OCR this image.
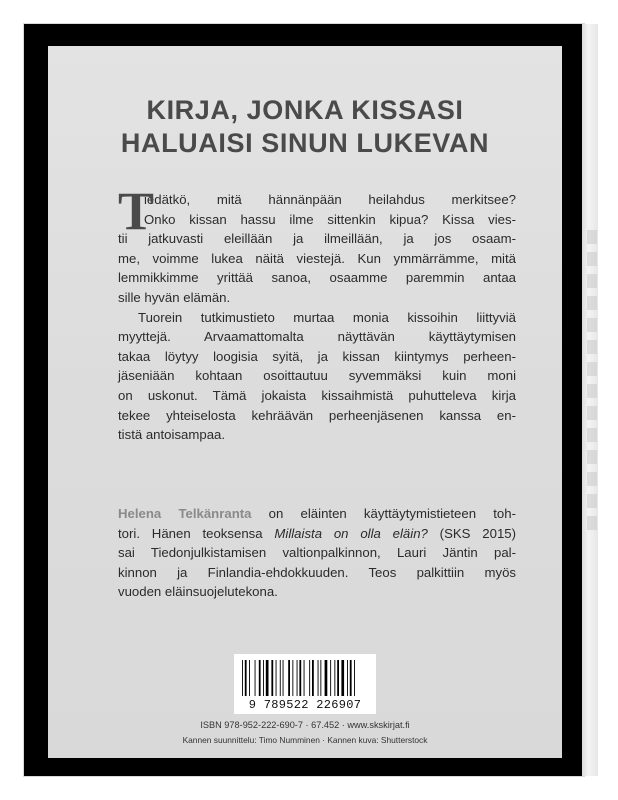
KIRJA, JONKA KISSASI
HALUAISI SINUN LUKEVAN
T
iedätkö, mitä hännänpään heilahdus merkitsee?
Onko kissan hassu ilme sittenkin kipua? Kissa vies-
tii jatkuvasti eleillään ja ilmeillään, ja jos osaam-
me, voimme lukea näitä viestejä. Kun ymmärrämme, mitä
lemmikkimme yrittää sanoa, osaamme paremmin antaa
sille hyvän elämän.
Tuorein tutkimustieto murtaa monia kissoihin liittyviä
myyttejä. Arvaamattomalta näyttävän käyttäytymisen
takaa löytyy loogisia syitä, ja kissan kiintymys perheen-
jäseniään kohtaan osoittautuu syvemmäksi kuin moni
on uskonut. Tämä jokaista kissaihmistä puhutteleva kirja
tekee yhteiselosta kehräävän perheenjäsenen kanssa en-
tistä antoisampaa.
Helena Telkänranta on eläinten käyttäytymistieteen toh-
tori. Hänen teoksensa Millaista on olla eläin? (SKS 2015)
sai Tiedonjulkistamisen valtionpalkinnon, Lauri Jäntin pal-
kinnon ja Finlandia-ehdokkuuden. Teos palkittiin myös
vuoden eläinsuojelutekona.
9 789522 226907
ISBN 978-952-222-690-7 · 67.452 · www.skskirjat.fi
Kannen suunnittelu: Timo Numminen · Kannen kuva: Shutterstock
